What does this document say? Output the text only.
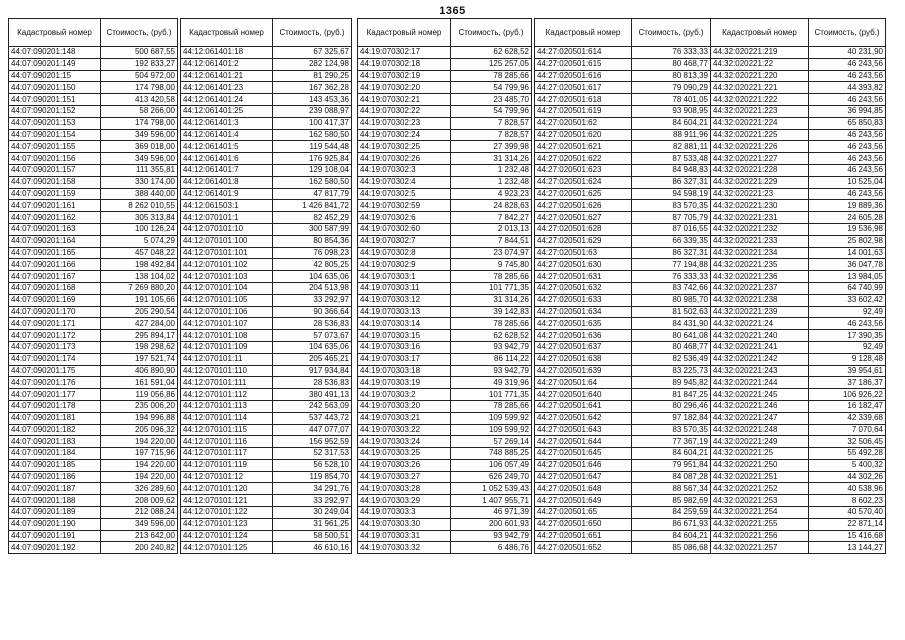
1365
Кадастровый номер	Стоимость, (руб.)
44:07:090201:148	500 687,55
44:07:090201:149	192 833,27
44:07:090201:15	504 972,00
44:07:090201:150	174 798,00
44:07:090201:151	413 420,58
44:07:090201:152	58 266,00
44:07:090201:153	174 798,00
44:07:090201:154	349 596,00
44:07:090201:155	369 018,00
44:07:090201:156	349 596,00
44:07:090201:157	111 355,81
44:07:090201:158	330 174,00
44:07:090201:159	388 440,00
44:07:090201:161	8 262 010,55
44:07:090201:162	305 313,84
44:07:090201:163	100 126,24
44:07:090201:164	5 074,29
44:07:090201:165	457 048,22
44:07:090201:166	198 492,84
44:07:090201:167	138 104,02
44:07:090201:168	7 269 880,20
44:07:090201:169	191 105,66
44:07:090201:170	205 290,54
44:07:090201:171	427 284,00
44:07:090201:172	295 894,17
44:07:090201:173	198 298,62
44:07:090201:174	197 521,74
44:07:090201:175	406 890,90
44:07:090201:176	161 591,04
44:07:090201:177	119 056,86
44:07:090201:178	235 006,20
44:07:090201:181	194 996,88
44:07:090201:182	205 096,32
44:07:090201:183	194 220,00
44:07:090201:184	197 715,96
44:07:090201:185	194 220,00
44:07:090201:186	194 220,00
44:07:090201:187	326 289,60
44:07:090201:188	208 009,62
44:07:090201:189	212 088,24
44:07:090201:190	349 596,00
44:07:090201:191	213 642,00
44:07:090201:192	200 240,82
Кадастровый номер	Стоимость, (руб.)
44:12:061401:18	67 325,67
44:12:061401:2	282 124,98
44:12:061401:21	81 290,25
44:12:061401:23	167 362,28
44:12:061401:24	143 453,36
44:12:061401:25	239 088,97
44:12:061401:3	100 417,37
44:12:061401:4	162 580,50
44:12:061401:5	119 544,48
44:12:061401:6	176 925,84
44:12:061401:7	129 108,04
44:12:061401:8	162 580,50
44:12:061401:9	47 817,79
44:12:061503:1	1 426 841,72
44:12:070101:1	82 452,29
44:12:070101:10	300 587,99
44:12:070101:100	80 854,36
44:12:070101:101	76 098,23
44:12:070101:102	42 805,25
44:12:070101:103	104 635,06
44:12:070101:104	204 513,98
44:12:070101:105	33 292,97
44:12:070101:106	90 366,64
44:12:070101:107	28 536,83
44:12:070101:108	57 073,67
44:12:070101:109	104 635,06
44:12:070101:11	205 465,21
44:12:070101:110	917 934,84
44:12:070101:111	28 536,83
44:12:070101:112	380 491,13
44:12:070101:113	242 563,09
44:12:070101:114	537 443,72
44:12:070101:115	447 077,07
44:12:070101:116	156 952,59
44:12:070101:117	52 317,53
44:12:070101:119	56 528,10
44:12:070101:12	119 854,70
44:12:070101:120	34 291,76
44:12:070101:121	33 292,97
44:12:070101:122	30 249,04
44:12:070101:123	31 961,25
44:12:070101:124	58 500,51
44:12:070101:125	46 610,16
Кадастровый номер	Стоимость, (руб.)
44:19:070302:17	62 628,52
44:19:070302:18	125 257,05
44:19:070302:19	78 285,66
44:19:070302:20	54 799,96
44:19:070302:21	23 485,70
44:19:070302:22	54 799,96
44:19:070302:23	7 828,57
44:19:070302:24	7 828,57
44:19:070302:25	27 399,98
44:19:070302:26	31 314,26
44:19:070302:3	1 232,48
44:19:070302:4	1 232,48
44:19:070302:5	4 923,23
44:19:070302:59	24 828,63
44:19:070302:6	7 842,27
44:19:070302:60	2 013,13
44:19:070302:7	7 844,51
44:19:070302:8	23 074,97
44:19:070302:9	9 745,80
44:19:070303:1	78 285,66
44:19:070303:11	101 771,35
44:19:070303:12	31 314,26
44:19:070303:13	39 142,83
44:19:070303:14	78 285,66
44:19:070303:15	62 628,52
44:19:070303:16	93 942,79
44:19:070303:17	86 114,22
44:19:070303:18	93 942,79
44:19:070303:19	49 319,96
44:19:070303:2	101 771,35
44:19:070303:20	78 285,66
44:19:070303:21	109 599,92
44:19:070303:22	109 599,92
44:19:070303:24	57 269,14
44:19:070303:25	748 885,25
44:19:070303:26	106 057,49
44:19:070303:27	626 249,70
44:19:070303:28	1 052 539,43
44:19:070303:29	1 407 955,71
44:19:070303:3	46 971,39
44:19:070303:30	200 601,93
44:19:070303:31	93 942,79
44:19:070303:32	6 486,76
Кадастровый номер	Стоимость, (руб.)
44:27:020501:614	76 333,33
44:27:020501:615	80 468,77
44:27:020501:616	80 813,39
44:27:020501:617	79 090,29
44:27:020501:618	78 401,05
44:27:020501:619	93 908,95
44:27:020501:62	84 604,21
44:27:020501:620	88 911,96
44:27:020501:621	82 881,11
44:27:020501:622	87 533,48
44:27:020501:623	84 948,83
44:27:020501:624	86 327,31
44:27:020501:625	94 598,19
44:27:020501:626	83 570,35
44:27:020501:627	87 705,79
44:27:020501:628	87 016,55
44:27:020501:629	66 339,35
44:27:020501:63	86 327,31
44:27:020501:630	77 194,88
44:27:020501:631	76 333,33
44:27:020501:632	83 742,66
44:27:020501:633	80 985,70
44:27:020501:634	81 502,63
44:27:020501:635	84 431,90
44:27:020501:636	80 641,08
44:27:020501:637	80 468,77
44:27:020501:638	82 536,49
44:27:020501:639	83 225,73
44:27:020501:64	89 945,82
44:27:020501:640	81 847,25
44:27:020501:641	80 296,46
44:27:020501:642	97 182,84
44:27:020501:643	83 570,35
44:27:020501:644	77 367,19
44:27:020501:645	84 604,21
44:27:020501:646	79 951,84
44:27:020501:647	84 087,28
44:27:020501:648	88 567,34
44:27:020501:649	85 982,69
44:27:020501:65	84 259,59
44:27:020501:650	86 671,93
44:27:020501:651	84 604,21
44:27:020501:652	85 086,68
Кадастровый номер	Стоимость, (руб.)
44:32:020221:219	40 231,90
44:32:020221:22	46 243,56
44:32:020221:220	46 243,56
44:32:020221:221	44 393,82
44:32:020221:222	46 243,56
44:32:020221:223	36 994,85
44:32:020221:224	65 850,83
44:32:020221:225	46 243,56
44:32:020221:226	46 243,56
44:32:020221:227	46 243,56
44:32:020221:228	46 243,56
44:32:020221:229	10 525,04
44:32:020221:23	46 243,56
44:32:020221:230	19 889,36
44:32:020221:231	24 605,28
44:32:020221:232	19 536,98
44:32:020221:233	25 802,98
44:32:020221:234	14 001,63
44:32:020221:235	36 047,78
44:32:020221:236	13 984,05
44:32:020221:237	64 740,99
44:32:020221:238	33 602,42
44:32:020221:239	92,49
44:32:020221:24	46 243,56
44:32:020221:240	17 390,35
44:32:020221:241	92,49
44:32:020221:242	9 128,48
44:32:020221:243	39 954,61
44:32:020221:244	37 186,37
44:32:020221:245	106 926,22
44:32:020221:246	16 182,47
44:32:020221:247	42 339,68
44:32:020221:248	7 070,64
44:32:020221:249	32 506,45
44:32:020221:25	55 492,28
44:32:020221:250	5 400,32
44:32:020221:251	44 302,26
44:32:020221:252	40 538,96
44:32:020221:253	8 602,23
44:32:020221:254	40 570,40
44:32:020221:255	22 871,14
44:32:020221:256	15 416,68
44:32:020221:257	13 144,27
